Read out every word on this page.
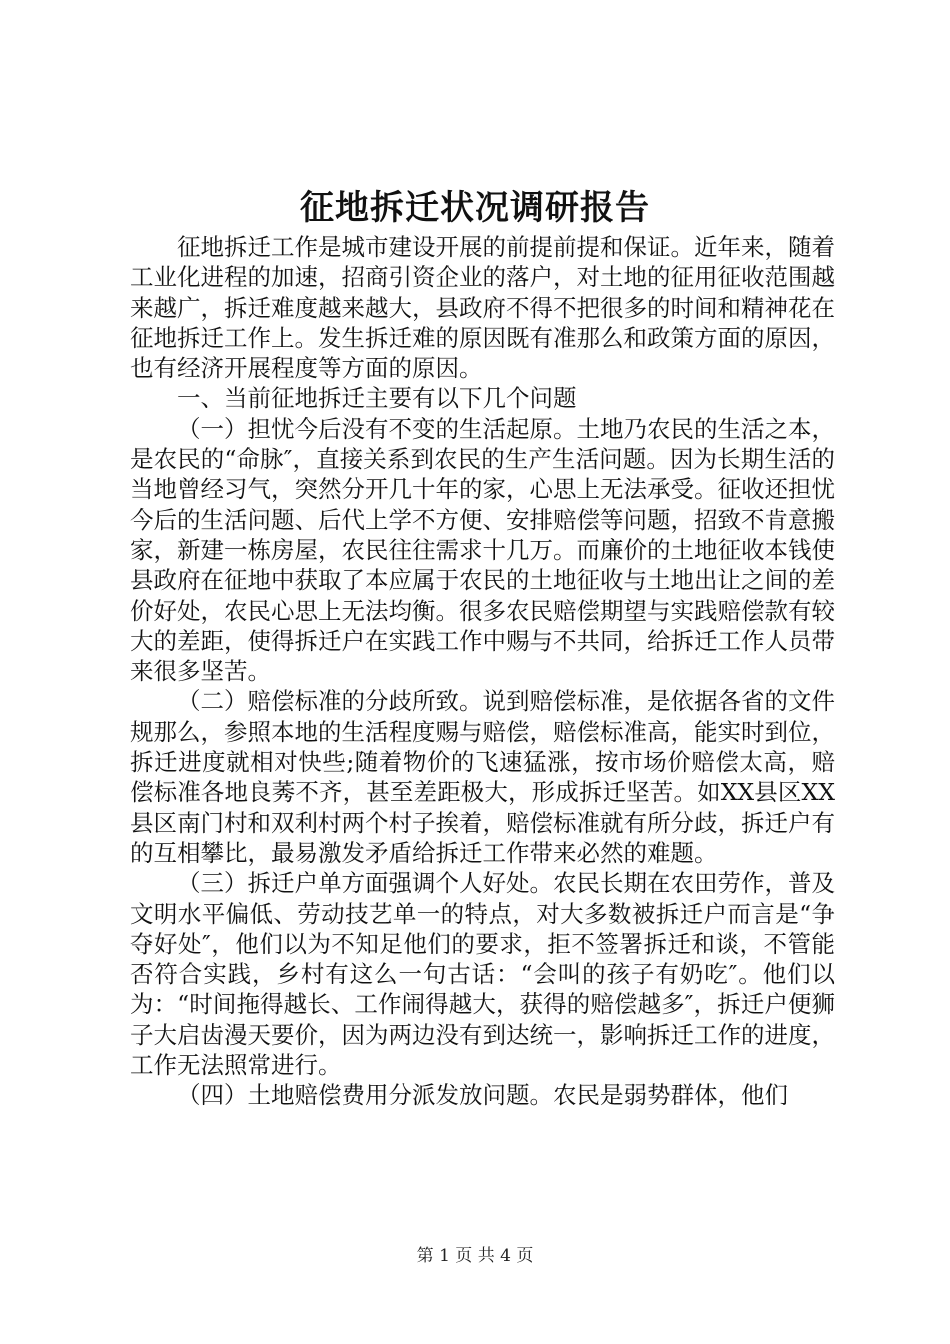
征地拆迁状况调研报告

征地拆迁工作是城市建设开展的前提前提和保证。近年来，随着工业化进程的加速，招商引资企业的落户，对土地的征用征收范围越来越广，拆迁难度越来越大，县政府不得不把很多的时间和精神花在征地拆迁工作上。发生拆迁难的原因既有准那么和政策方面的原因，也有经济开展程度等方面的原因。

一、当前征地拆迁主要有以下几个问题

（一）担忧今后没有不变的生活起原。土地乃农民的生活之本，是农民的“命脉″，直接关系到农民的生产生活问题。因为长期生活的当地曾经习气，突然分开几十年的家，心思上无法承受。征收还担忧今后的生活问题、后代上学不方便、安排赔偿等问题，招致不肯意搬家，新建一栋房屋，农民往往需求十几万。而廉价的土地征收本钱使县政府在征地中获取了本应属于农民的土地征收与土地出让之间的差价好处，农民心思上无法均衡。很多农民赔偿期望与实践赔偿款有较大的差距，使得拆迁户在实践工作中赐与不共同，给拆迁工作人员带来很多坚苦。

（二）赔偿标准的分歧所致。说到赔偿标准，是依据各省的文件规那么，参照本地的生活程度赐与赔偿，赔偿标准高，能实时到位，拆迁进度就相对快些;随着物价的飞速猛涨，按市场价赔偿太高，赔偿标准各地良莠不齐，甚至差距极大，形成拆迁坚苦。如XX县区XX县区南门村和双利村两个村子挨着，赔偿标准就有所分歧，拆迁户有的互相攀比，最易激发矛盾给拆迁工作带来必然的难题。

（三）拆迁户单方面强调个人好处。农民长期在农田劳作，普及文明水平偏低、劳动技艺单一的特点，对大多数被拆迁户而言是“争夺好处″，他们以为不知足他们的要求，拒不签署拆迁和谈，不管能否符合实践，乡村有这么一句古话：“会叫的孩子有奶吃″。他们以为：“时间拖得越长、工作闹得越大，获得的赔偿越多″，拆迁户便狮子大启齿漫天要价，因为两边没有到达统一，影响拆迁工作的进度，工作无法照常进行。

（四）土地赔偿费用分派发放问题。农民是弱势群体，他们

第 1 页 共 4 页
